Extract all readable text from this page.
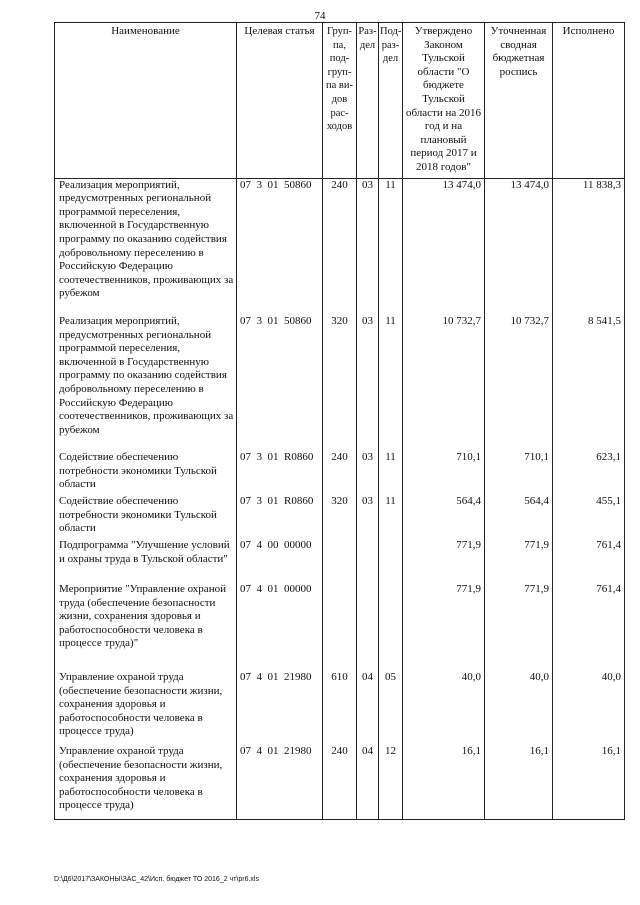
74
Наименование	Целевая статья	Груп-па, под-груп-па ви-дов рас-ходов	Раз-дел	Под-раз-дел	Утверждено Законом Тульской области "О бюджете Тульской области на 2016 год и на плановый период 2017 и 2018 годов"	Уточненная сводная бюджетная роспись	Исполнено
Реализация мероприятий, предусмотренных региональной программой переселения, включенной в Государственную программу по оказанию содействия добровольному переселению в Российскую Федерацию соотечественников, проживающих за рубежом	07  3  01  50860	240	03	11	13 474,0	13 474,0	11 838,3
Реализация мероприятий, предусмотренных региональной программой переселения, включенной в Государственную программу по оказанию содействия добровольному переселению в Российскую Федерацию соотечественников, проживающих за рубежом	07  3  01  50860	320	03	11	10 732,7	10 732,7	8 541,5
Содействие обеспечению потребности экономики Тульской области	07  3  01  R0860	240	03	11	710,1	710,1	623,1
Содействие обеспечению потребности экономики Тульской области	07  3  01  R0860	320	03	11	564,4	564,4	455,1
Подпрограмма "Улучшение условий и охраны труда в Тульской области"	07  4  00  00000				771,9	771,9	761,4
Мероприятие "Управление охраной труда (обеспечение безопасности жизни, сохранения здоровья и работоспособности человека в процессе труда)"	07  4  01  00000				771,9	771,9	761,4
Управление охраной труда (обеспечение безопасности жизни, сохранения здоровья и работоспособности человека в процессе труда)	07  4  01  21980	610	04	05	40,0	40,0	40,0
Управление охраной труда (обеспечение безопасности жизни, сохранения здоровья и работоспособности человека в процессе труда)	07  4  01  21980	240	04	12	16,1	16,1	16,1
D:\Д6\2017\ЗАКОНЫ\ЗАС_42\Исп. бюджет ТО 2016_2 чт\pr6.xls
